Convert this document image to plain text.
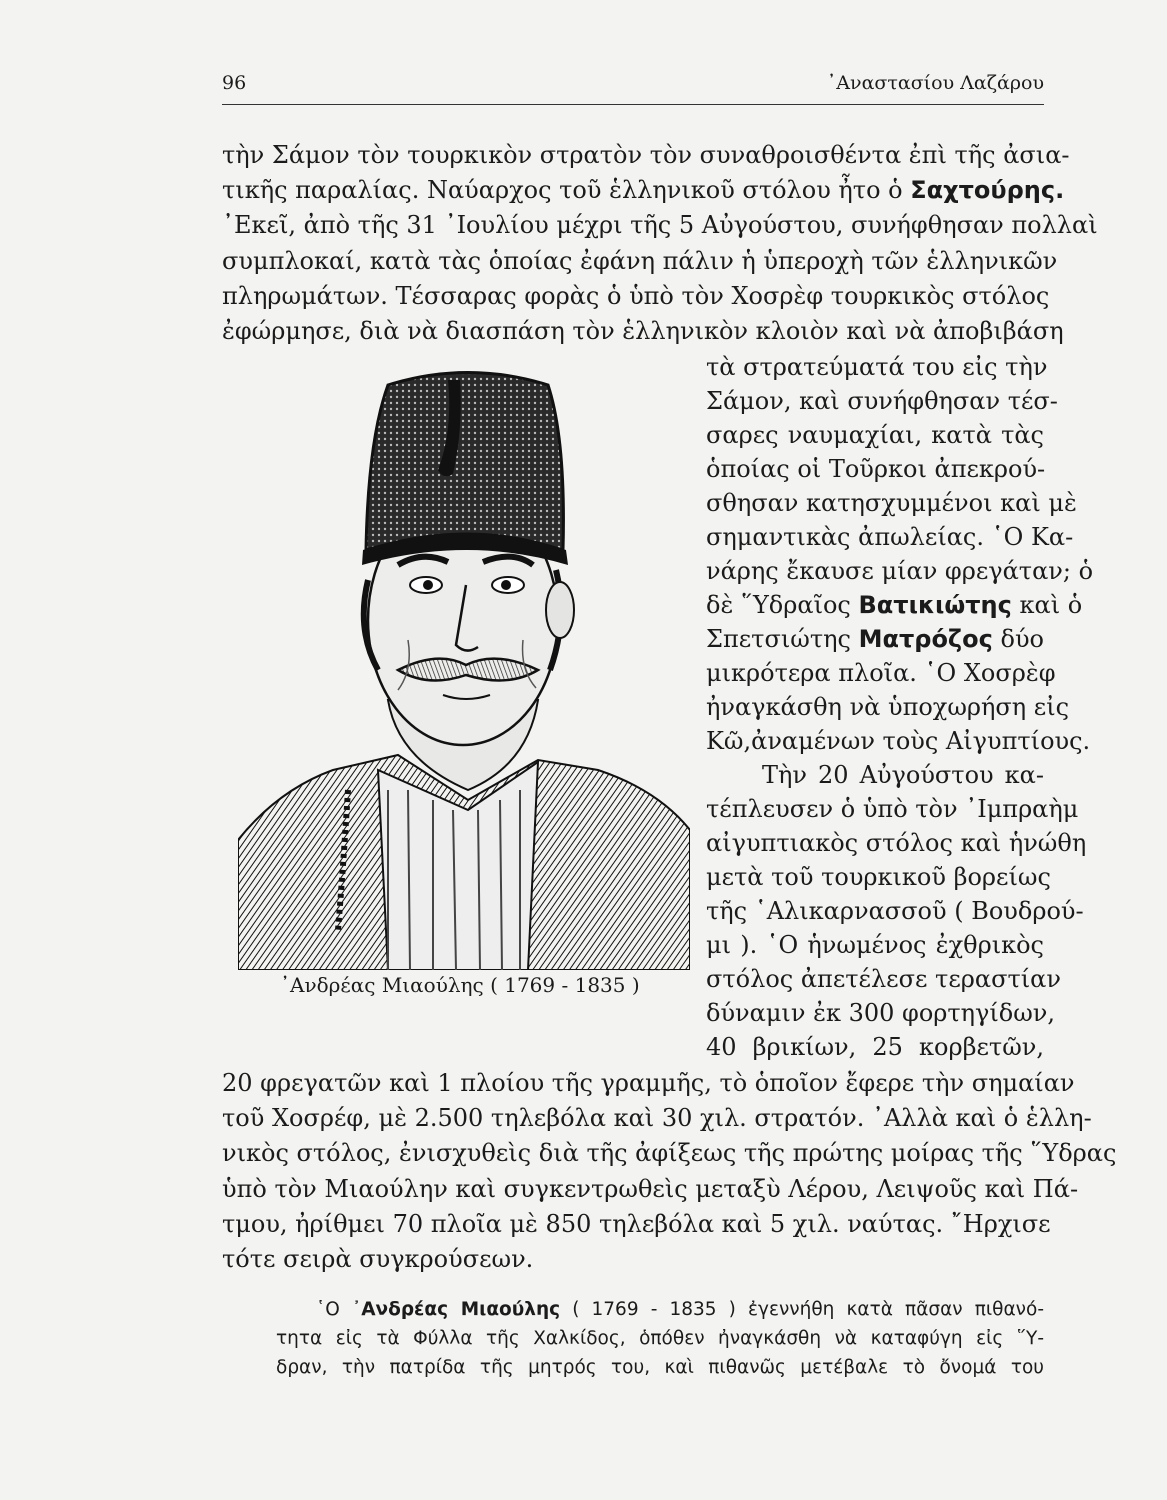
96	᾿Αναστασίου Λαζάρου
τὴν Σάμον τὸν τουρκικὸν στρατὸν τὸν συναθροισθέντα ἐπὶ τῆς ἀσια-
τικῆς παραλίας. Ναύαρχος τοῦ ἑλληνικοῦ στόλου ἦτο ὁ Σαχτούρης.
᾿Εκεῖ, ἀπὸ τῆς 31 ᾿Ιουλίου μέχρι τῆς 5 Αὐγούστου, συνήφθησαν πολλαὶ
συμπλοκαί, κατὰ τὰς ὁποίας ἐφάνη πάλιν ἡ ὑπεροχὴ τῶν ἑλληνικῶν
πληρωμάτων. Τέσσαρας φορὰς ὁ ὑπὸ τὸν Χοσρὲφ τουρκικὸς στόλος
ἐφώρμησε, διὰ νὰ διασπάση τὸν ἑλληνικὸν κλοιὸν καὶ νὰ ἀποβιβάση
᾿Ανδρέας Μιαούλης ( 1769 - 1835 )
τὰ στρατεύματά του εἰς τὴν
Σάμον, καὶ συνήφθησαν τέσ-
σαρες ναυμαχίαι, κατὰ τὰς
ὁποίας οἱ Τοῦρκοι ἀπεκρού-
σθησαν κατησχυμμένοι καὶ μὲ
σημαντικὰς ἀπωλείας. ῾Ο Κα-
νάρης ἔκαυσε μίαν φρεγάταν; ὁ
δὲ ῞Υδραῖος Βατικιώτης καὶ ὁ
Σπετσιώτης Ματρόζος δύο
μικρότερα πλοῖα. ῾Ο Χοσρὲφ
ἠναγκάσθη νὰ ὑποχωρήση εἰς
Κῶ,ἀναμένων τοὺς Αἰγυπτίους.
Τὴν 20 Αὐγούστου κα-
τέπλευσεν ὁ ὑπὸ τὸν ᾿Ιμπραὴμ
αἰγυπτιακὸς στόλος καὶ ἡνώθη
μετὰ τοῦ τουρκικοῦ βορείως
τῆς ῾Αλικαρνασσοῦ ( Βουδρού-
μι ). ῾Ο ἡνωμένος ἐχθρικὸς
στόλος ἀπετέλεσε τεραστίαν
δύναμιν ἐκ 300 φορτηγίδων,
40 βρικίων, 25 κορβετῶν,
20 φρεγατῶν καὶ 1 πλοίου τῆς γραμμῆς, τὸ ὁποῖον ἔφερε τὴν σημαίαν
τοῦ Χοσρέφ, μὲ 2.500 τηλεβόλα καὶ 30 χιλ. στρατόν. ᾿Αλλὰ καὶ ὁ ἑλλη-
νικὸς στόλος, ἐνισχυθεὶς διὰ τῆς ἀφίξεως τῆς πρώτης μοίρας τῆς ῞Υδρας
ὑπὸ τὸν Μιαούλην καὶ συγκεντρωθεὶς μεταξὺ Λέρου, Λειψοῦς καὶ Πά-
τμου, ἠρίθμει 70 πλοῖα μὲ 850 τηλεβόλα καὶ 5 χιλ. ναύτας. ῎Ηρχισε
τότε σειρὰ συγκρούσεων.
῾Ο ᾿Ανδρέας Μιαούλης ( 1769 - 1835 ) ἐγεννήθη κατὰ πᾶσαν πιθανό-
τητα εἰς τὰ Φύλλα τῆς Χαλκίδος, ὁπόθεν ἠναγκάσθη νὰ καταφύγη εἰς ῞Υ-
δραν, τὴν πατρίδα τῆς μητρός του, καὶ πιθανῶς μετέβαλε τὸ ὄνομά του
